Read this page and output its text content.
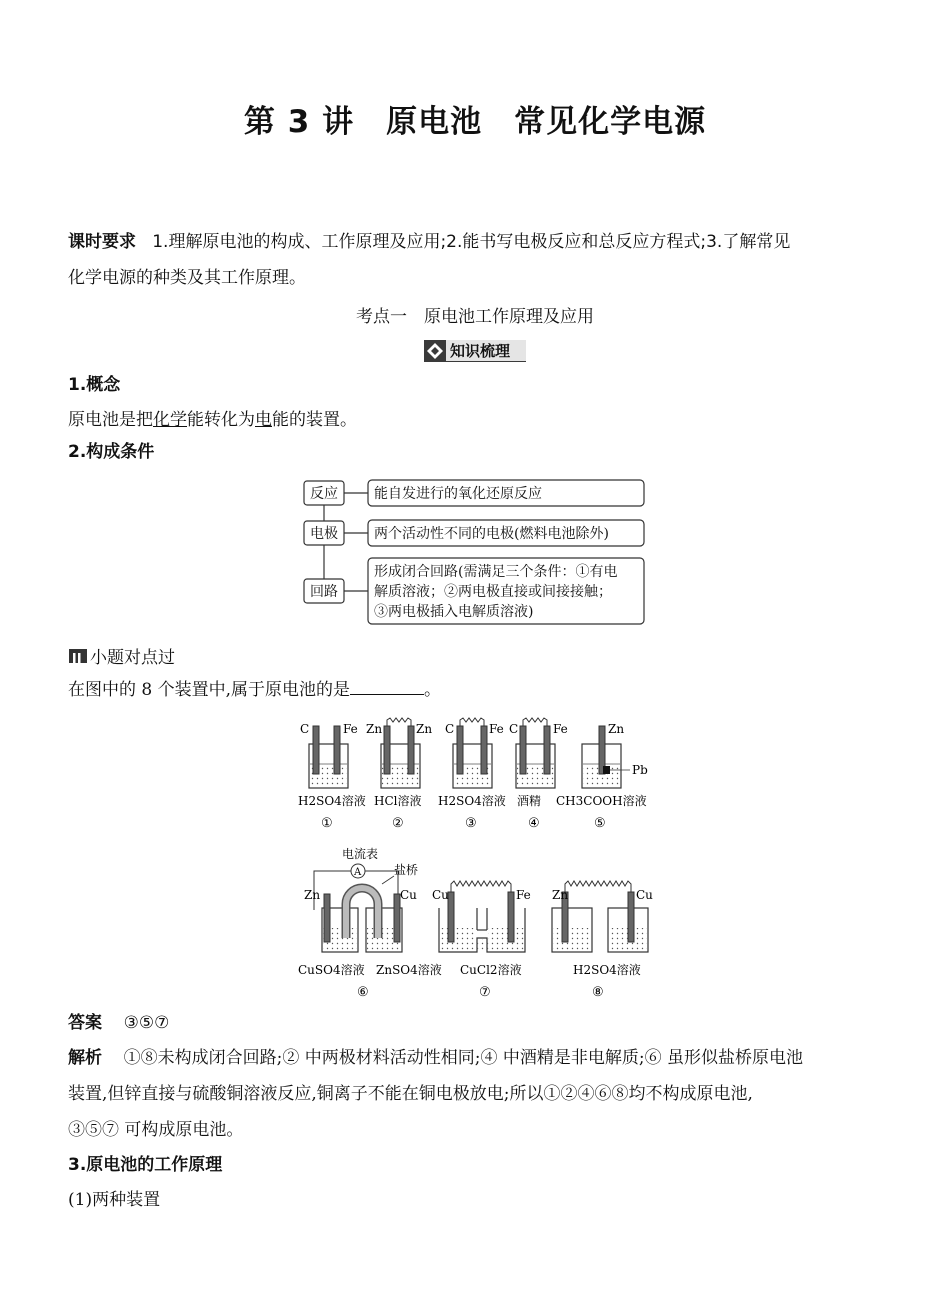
第 3 讲　原电池　常见化学电源
课时要求 1.理解原电池的构成、工作原理及应用;2.能书写电极反应和总反应方程式;3.了解常见
化学电源的种类及其工作原理。
考点一　原电池工作原理及应用
知识梳理
1.概念
原电池是把化学能转化为电能的装置。
2.构成条件
反应
电极
回路
能自发进行的氧化还原反应
两个活动性不同的电极(燃料电池除外)
形成闭合回路(需满足三个条件：①有电
解质溶液；②两电极直接或间接接触；
③两电极插入电解质溶液)
小题对点过
在图中的 8 个装置中,属于原电池的是	。
C	Fe
H2SO4溶液
①
Zn	Zn
HCl溶液
②
C	Fe
H2SO4溶液
③
C	Fe
酒精
④
Zn
Pb
CH3COOH溶液
⑤
电流表
A	盐桥
Zn	Cu
CuSO4溶液 ZnSO4溶液
⑥
Cu	Fe
CuCl2溶液
⑦
Zn	Cu
H2SO4溶液
⑧
答案 ③⑤⑦
解析 ①⑧未构成闭合回路;② 中两极材料活动性相同;④ 中酒精是非电解质;⑥ 虽形似盐桥原电池
装置,但锌直接与硫酸铜溶液反应,铜离子不能在铜电极放电;所以①②④⑥⑧均不构成原电池,
③⑤⑦ 可构成原电池。
3.原电池的工作原理
(1)两种装置
